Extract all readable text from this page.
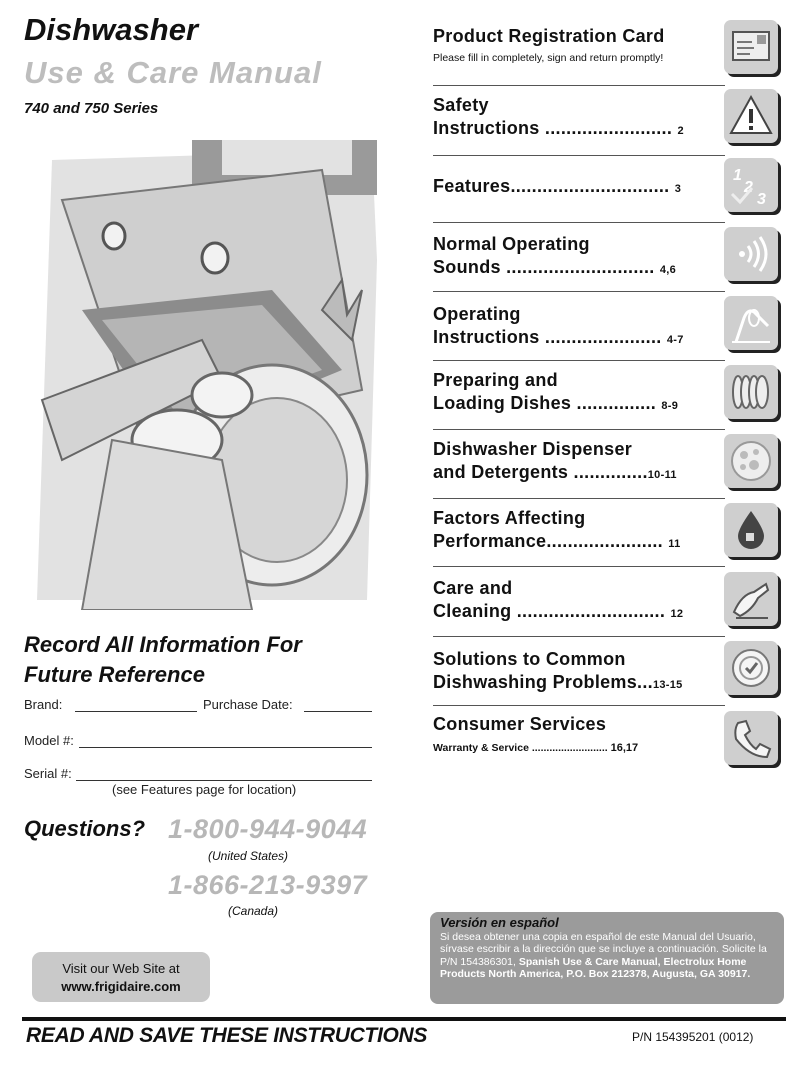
Dishwasher
Use & Care Manual
740 and 750 Series
Record All Information For
Future Reference
Brand:	Purchase Date:
Model #:
Serial #:
(see Features page for location)
Questions? 1-800-944-9044
(United States)
1-866-213-9397
(Canada)
Visit our Web Site at
www.frigidaire.com
Versión en español
Si desea obtener una copia en español de este Manual del Usuario, sírvase escribir a la dirección que se incluye a continuación. Solicite la P/N 154386301, Spanish Use & Care Manual, Electrolux Home Products North America, P.O. Box 212378, Augusta, GA 30917.
READ AND SAVE THESE INSTRUCTIONS	P/N 154395201 (0012)
Product Registration Card
Please fill in completely, sign and return promptly!
Safety
Instructions ........................ 2
Features.............................. 3
1
2
3
Normal Operating
Sounds ............................ 4,6
Operating
Instructions ...................... 4-7
Preparing and
Loading Dishes ............... 8-9
Dishwasher Dispenser
and Detergents ..............10-11
Factors Affecting
Performance...................... 11
Care and
Cleaning ............................ 12
Solutions to Common
Dishwashing Problems...13-15
Consumer Services
Warranty & Service .......................... 16,17
